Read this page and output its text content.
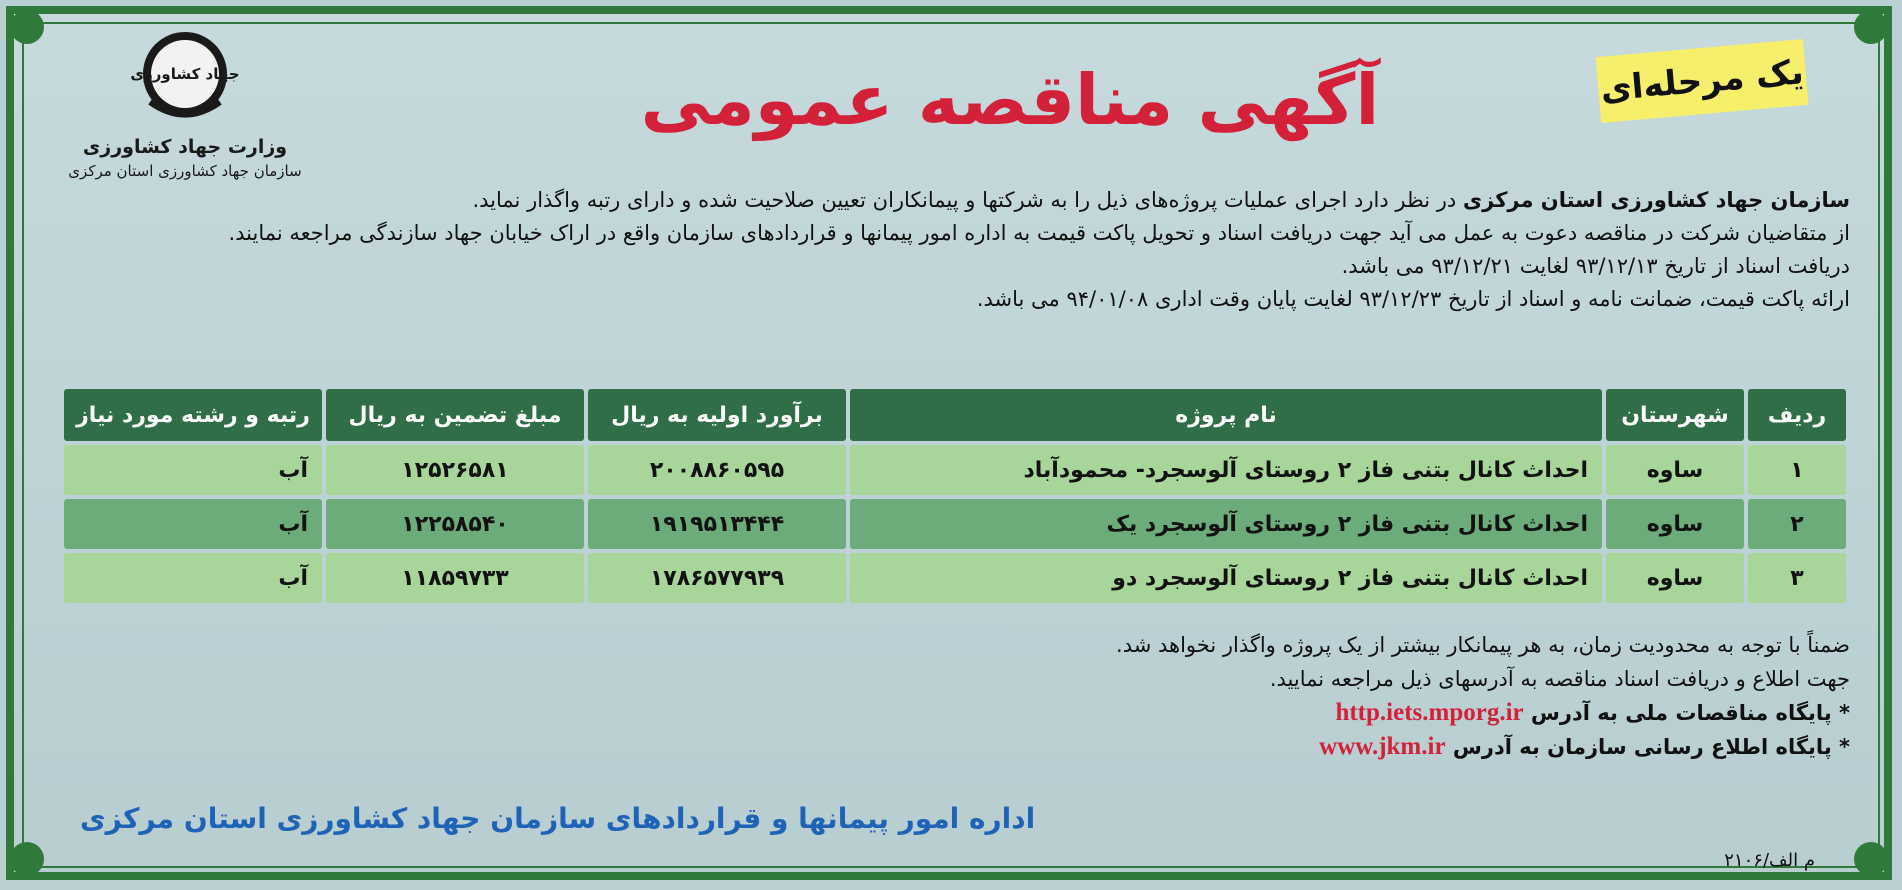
یک مرحله‌ای
آگهی مناقصه عمومی
جهاد کشاورزی
وزارت جهاد کشاورزی
سازمان جهاد کشاورزی استان مرکزی

سازمان جهاد کشاورزی استان مرکزی در نظر دارد اجرای عملیات پروژه‌های ذیل را به شرکتها و پیمانکاران تعیین صلاحیت شده و دارای رتبه واگذار نماید.

از متقاضیان شرکت در مناقصه دعوت به عمل می آید جهت دریافت اسناد و تحویل پاکت قیمت به اداره امور پیمانها و قراردادهای سازمان واقع در اراک خیابان جهاد سازندگی مراجعه نمایند.

دریافت اسناد از تاریخ ۹۳/۱۲/۱۳ لغایت ۹۳/۱۲/۲۱ می باشد.

ارائه پاکت قیمت، ضمانت نامه و اسناد از تاریخ ۹۳/۱۲/۲۳ لغایت پایان وقت اداری ۹۴/۰۱/۰۸ می باشد.

ردیف	شهرستان	نام پروژه	برآورد اولیه به ریال	مبلغ تضمین به ریال	رتبه و رشته مورد نیاز
۱	ساوه	احداث کانال بتنی فاز ۲ روستای آلوسجرد- محمودآباد	۲۰۰۸۸۶۰۵۹۵	۱۲۵۲۶۵۸۱	آب
۲	ساوه	احداث کانال بتنی فاز ۲ روستای آلوسجرد یک	۱۹۱۹۵۱۳۴۴۴	۱۲۲۵۸۵۴۰	آب
۳	ساوه	احداث کانال بتنی فاز ۲ روستای آلوسجرد دو	۱۷۸۶۵۷۷۹۳۹	۱۱۸۵۹۷۳۳	آب

ضمناً با توجه به محدودیت زمان، به هر پیمانکار بیشتر از یک پروژه واگذار نخواهد شد.

جهت اطلاع و دریافت اسناد مناقصه به آدرسهای ذیل مراجعه نمایید.

* پایگاه مناقصات ملی به آدرس http.iets.mporg.ir

* پایگاه اطلاع رسانی سازمان به آدرس www.jkm.ir

اداره امور پیمانها و قراردادهای سازمان جهاد کشاورزی استان مرکزی
م الف/۲۱۰۶
